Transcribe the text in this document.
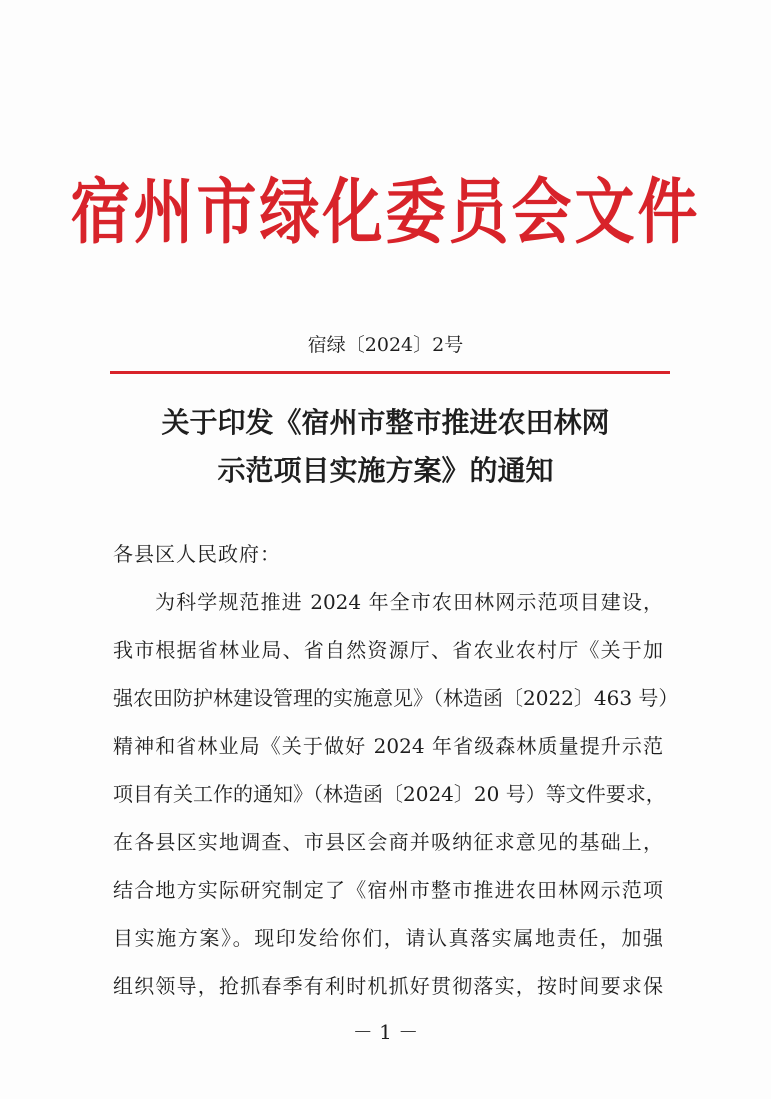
宿州市绿化委员会文件
宿绿〔2024〕2号
关于印发《宿州市整市推进农田林网
示范项目实施方案》的通知
各县区人民政府：
为科学规范推进 2024 年全市农田林网示范项目建设，
我市根据省林业局、省自然资源厅、省农业农村厅《关于加
强农田防护林建设管理的实施意见》（林造函〔2022〕463 号）
精神和省林业局《关于做好 2024 年省级森林质量提升示范
项目有关工作的通知》（林造函〔2024〕20 号）等文件要求，
在各县区实地调查、市县区会商并吸纳征求意见的基础上，
结合地方实际研究制定了《宿州市整市推进农田林网示范项
目实施方案》。现印发给你们，请认真落实属地责任，加强
组织领导，抢抓春季有利时机抓好贯彻落实，按时间要求保
－ 1 －
